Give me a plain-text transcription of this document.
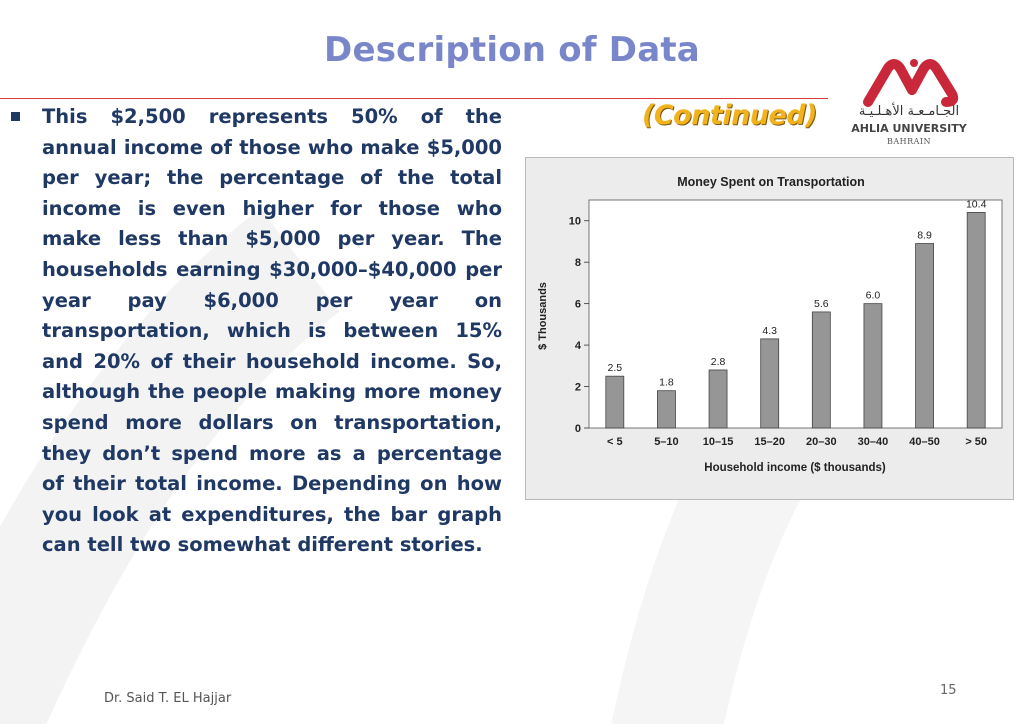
Description of Data
(Continued)	الجـامـعـة الأهـلـيـة
AHLIA UNIVERSITY
BAHRAIN
This $2,500 represents 50% of the annual income of those who make $5,000 per year; the percentage of the total income is even higher for those who make less than $5,000 per year. The households earning $30,000–$40,000 per year pay $6,000 per year on transportation, which is between 15% and 20% of their household income. So, although the people making more money spend more dollars on transportation, they don’t spend more as a percentage of their total income. Depending on how you look at expenditures, the bar graph can tell two somewhat different stories.
Money Spent on Transportation
$ Thousands
Household income ($ thousands)
0
2
4
6
8
10
2.5
< 5
1.8
5–10
2.8
10–15
4.3
15–20
5.6
20–30
6.0
30–40
8.9
40–50
10.4
> 50
Dr. Said T. EL Hajjar
15
